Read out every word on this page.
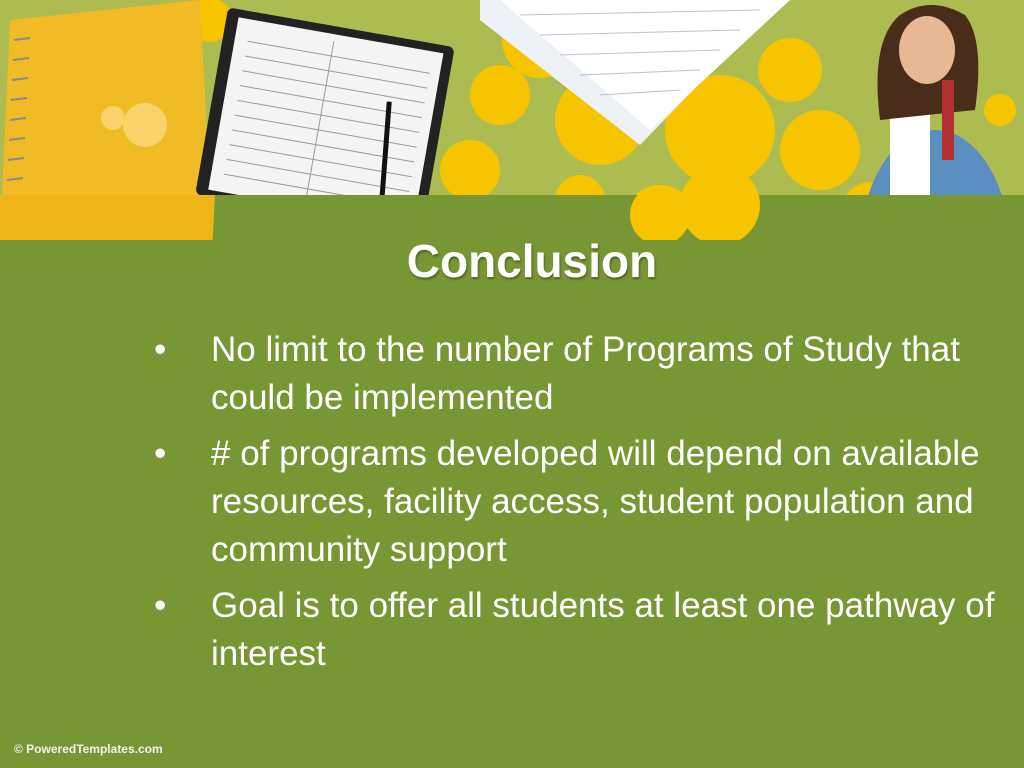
Conclusion
• No limit to the number of Programs of Study that could be implemented
• # of programs developed will depend on available resources, facility access, student population and community support
• Goal is to offer all students at least one pathway of interest
© PoweredTemplates.com
